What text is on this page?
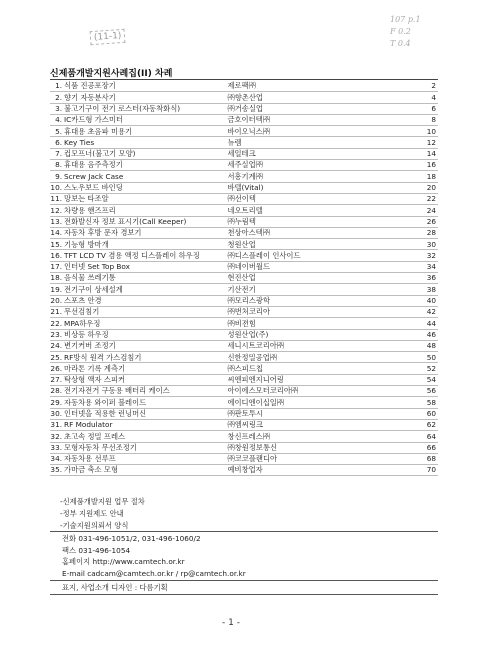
(11-1)
107 p.1
F 0.2
T 0.4
신제품개발지원사례집(II) 차례
1.	식품 진공포장기	제로팩㈜	2
2.	향기 자동분사기	㈜향촌산업	4
3.	불고기구이 전기 로스터(자동착화식)	㈜거송실업	6
4.	IC카드형 가스미터	금호이터텍㈜	8
5.	휴대용 초음파 미용기	바이오닉스㈜	10
6.	Key Ties	뉴렘	12
7.	컵모프너(불고기 모양)	세일테크	14
8.	휴대용 음주측정기	세주실업㈜	16
9.	Screw Jack Case	서흥기계㈜	18
10.	스노우보드 바인딩	바텔(Vital)	20
11.	망보는 타조알	㈜선이텍	22
12.	차량용 핸즈프리	네오트리텔	24
13.	전화발신자 정보 표시기(Call Keeper)	㈜누림텍	26
14.	자동차 후방 문자 경보기	천상아스텍㈜	28
15.	기능형 방마개	청원산업	30
16.	TFT LCD TV 겸용 액정 디스플레이 하우징	㈜디스플레이 인사이드	32
17.	인터넷 Set Top Box	㈜네이버월드	34
18.	음식물 쓰레기통	현진산업	36
19.	전기구이 상세설계	기산전기	38
20.	스포츠 안경	㈜모리스광학	40
21.	무선검침기	㈜번처코리아	42
22.	MPA하우징	㈜비젼힘	44
23.	비상등 하우징	성원산업(주)	46
24.	변기커버 조정기	세니시트코리아㈜	48
25.	RF방식 원격 가스검침기	신한정밀공업㈜	50
26.	마라톤 기록 계측기	㈜스피드칩	52
27.	탁상형 액자 스피커	씨엔피엔지니어링	54
28.	전기자전거 구동용 배터리 케이스	아이에스모터코리아㈜	56
29.	자동차용 와이퍼 블레이드	에이디엔이십일㈜	58
30.	인터넷을 적용한 런닝머신	㈜판토투시	60
31.	RF Modulator	㈜엠씨링크	62
32.	초고속 정밀 프레스	창신프레스㈜	64
33.	모형자동차 무선조정기	㈜창원정보통신	66
34.	자동차용 선루프	㈜코코플랜디아	68
35.	가마금 축소 모형	예비창업자	70
-신제품개발지원 업무 절차
-정부 지원제도 안내
-기술지원의뢰서 양식
전화 031-496-1051/2, 031-496-1060/2
팩스 031-496-1054
홈페이지 http://www.camtech.or.kr
E-mail cadcam@camtech.or.kr / rp@camtech.or.kr
표지, 사업소개 디자인 : 다름기획
- 1 -
